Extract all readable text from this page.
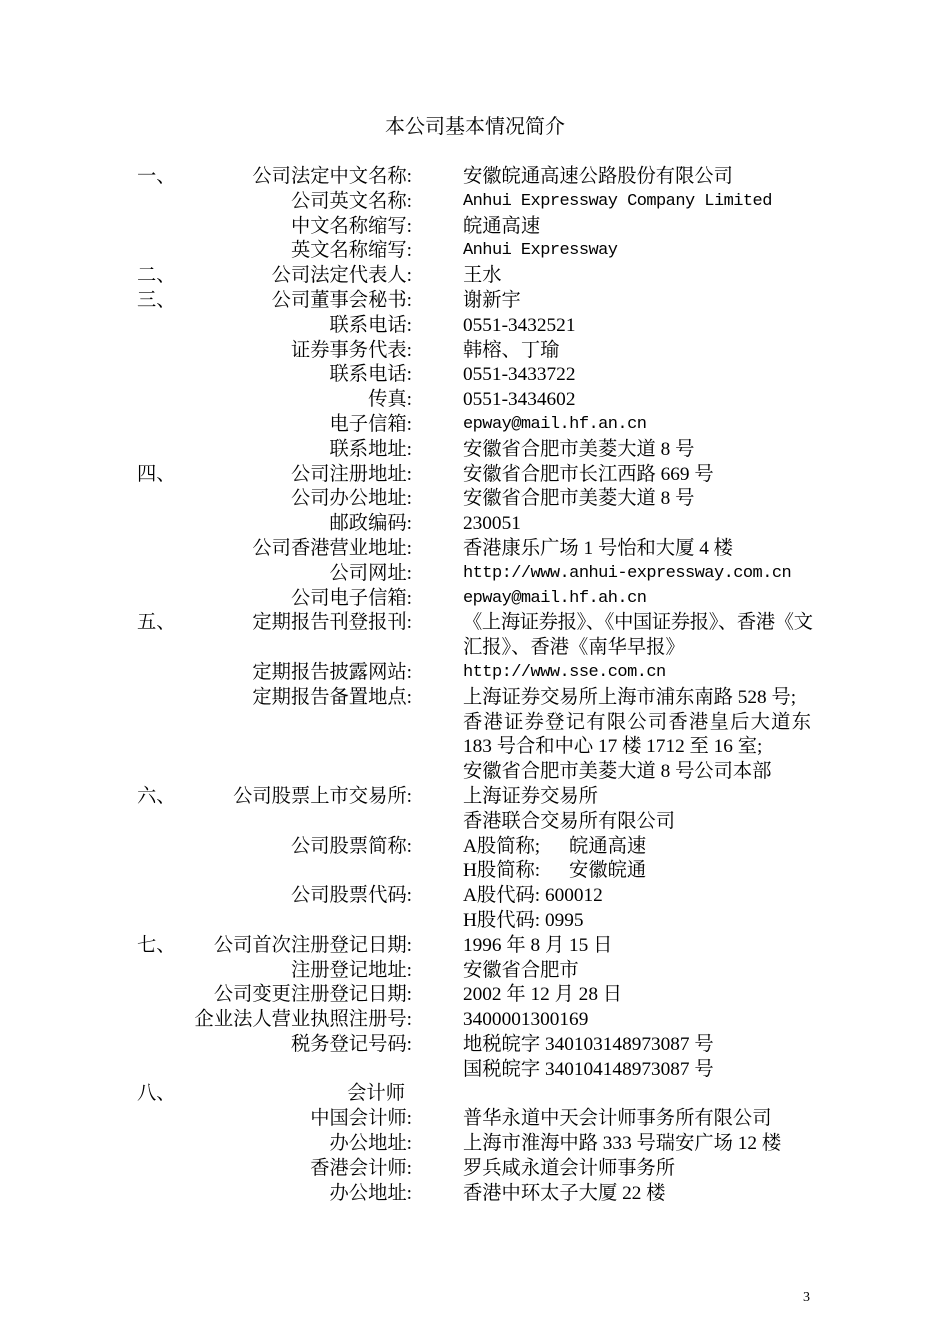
本公司基本情况简介
一、	公司法定中文名称:	安徽皖通高速公路股份有限公司
公司英文名称:	Anhui Expressway Company Limited
中文名称缩写:	皖通高速
英文名称缩写:	Anhui Expressway
二、	公司法定代表人:	王水
三、	公司董事会秘书:	谢新宇
联系电话:	0551-3432521
证券事务代表:	韩榕、丁瑜
联系电话:	0551-3433722
传真:	0551-3434602
电子信箱:	epway@mail.hf.an.cn
联系地址:	安徽省合肥市美菱大道 8 号
四、	公司注册地址:	安徽省合肥市长江西路 669 号
公司办公地址:	安徽省合肥市美菱大道 8 号
邮政编码:	230051
公司香港营业地址:	香港康乐广场 1 号怡和大厦 4 楼
公司网址:	http://www.anhui-expressway.com.cn
公司电子信箱:	epway@mail.hf.ah.cn
五、	定期报告刊登报刊:	《上海证券报》、《中国证券报》、香港《文
汇报》、香港《南华早报》
定期报告披露网站:	http://www.sse.com.cn
定期报告备置地点:	上海证券交易所上海市浦东南路 528 号;
香港证券登记有限公司香港皇后大道东
183 号合和中心 17 楼 1712 至 16 室;
安徽省合肥市美菱大道 8 号公司本部
六、	公司股票上市交易所:	上海证券交易所
香港联合交易所有限公司
公司股票简称:	A股简称;      皖通高速
H股简称:      安徽皖通
公司股票代码:	A股代码: 600012
H股代码: 0995
七、	公司首次注册登记日期:	1996 年 8 月 15 日
注册登记地址:	安徽省合肥市
公司变更注册登记日期:	2002 年 12 月 28 日
企业法人营业执照注册号:	3400001300169
税务登记号码:	地税皖字 340103148973087 号
国税皖字 340104148973087 号
八、	会计师
中国会计师:	普华永道中天会计师事务所有限公司
办公地址:	上海市淮海中路 333 号瑞安广场 12 楼
香港会计师:	罗兵咸永道会计师事务所
办公地址:	香港中环太子大厦 22 楼
3
